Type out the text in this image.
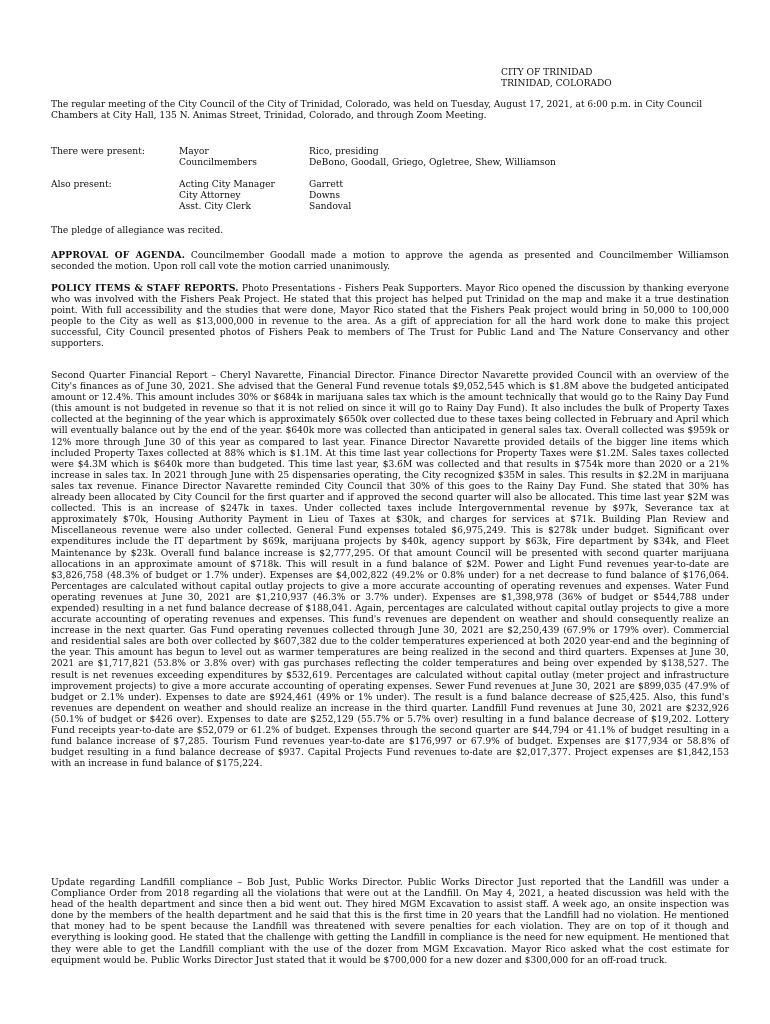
CITY OF TRINIDAD
TRINIDAD, COLORADO

The regular meeting of the City Council of the City of Trinidad, Colorado, was held on Tuesday, August 17, 2021, at 6:00 p.m. in City Council Chambers at City Hall, 135 N. Animas Street, Trinidad, Colorado, and through Zoom Meeting.

There were present:	Mayor	Rico, presiding
Councilmembers	DeBono, Goodall, Griego, Ogletree, Shew, Williamson
Also present:	Acting City Manager	Garrett
City Attorney	Downs
Asst. City Clerk	Sandoval

The pledge of allegiance was recited.

APPROVAL OF AGENDA. Councilmember Goodall made a motion to approve the agenda as presented and Councilmember Williamson seconded the motion. Upon roll call vote the motion carried unanimously.

POLICY ITEMS & STAFF REPORTS. Photo Presentations - Fishers Peak Supporters. Mayor Rico opened the discussion by thanking everyone who was involved with the Fishers Peak Project. He stated that this project has helped put Trinidad on the map and make it a true destination point. With full accessibility and the studies that were done, Mayor Rico stated that the Fishers Peak project would bring in 50,000 to 100,000 people to the City as well as $13,000,000 in revenue to the area. As a gift of appreciation for all the hard work done to make this project successful, City Council presented photos of Fishers Peak to members of The Trust for Public Land and The Nature Conservancy and other supporters.

Second Quarter Financial Report – Cheryl Navarette, Financial Director. Finance Director Navarette provided Council with an overview of the City's finances as of June 30, 2021. She advised that the General Fund revenue totals $9,052,545 which is $1.8M above the budgeted anticipated amount or 12.4%. This amount includes 30% or $684k in marijuana sales tax which is the amount technically that would go to the Rainy Day Fund (this amount is not budgeted in revenue so that it is not relied on since it will go to Rainy Day Fund). It also includes the bulk of Property Taxes collected at the beginning of the year which is approximately $650k over collected due to these taxes being collected in February and April which will eventually balance out by the end of the year. $640k more was collected than anticipated in general sales tax. Overall collected was $959k or 12% more through June 30 of this year as compared to last year. Finance Director Navarette provided details of the bigger line items which included Property Taxes collected at 88% which is $1.1M. At this time last year collections for Property Taxes were $1.2M. Sales taxes collected were $4.3M which is $640k more than budgeted. This time last year, $3.6M was collected and that results in $754k more than 2020 or a 21% increase in sales tax. In 2021 through June with 25 dispensaries operating, the City recognized $35M in sales. This results in $2.2M in marijuana sales tax revenue. Finance Director Navarette reminded City Council that 30% of this goes to the Rainy Day Fund. She stated that 30% has already been allocated by City Council for the first quarter and if approved the second quarter will also be allocated. This time last year $2M was collected. This is an increase of $247k in taxes. Under collected taxes include Intergovernmental revenue by $97k, Severance tax at approximately $70k, Housing Authority Payment in Lieu of Taxes at $30k, and charges for services at $71k. Building Plan Review and Miscellaneous revenue were also under collected. General Fund expenses totaled $6,975,249. This is $278k under budget. Significant over expenditures include the IT department by $69k, marijuana projects by $40k, agency support by $63k, Fire department by $34k, and Fleet Maintenance by $23k. Overall fund balance increase is $2,777,295. Of that amount Council will be presented with second quarter marijuana allocations in an approximate amount of $718k. This will result in a fund balance of $2M. Power and Light Fund revenues year-to-date are $3,826,758 (48.3% of budget or 1.7% under). Expenses are $4,002,822 (49.2% or 0.8% under) for a net decrease to fund balance of $176,064. Percentages are calculated without capital outlay projects to give a more accurate accounting of operating revenues and expenses. Water Fund operating revenues at June 30, 2021 are $1,210,937 (46.3% or 3.7% under). Expenses are $1,398,978 (36% of budget or $544,788 under expended) resulting in a net fund balance decrease of $188,041. Again, percentages are calculated without capital outlay projects to give a more accurate accounting of operating revenues and expenses. This fund's revenues are dependent on weather and should consequently realize an increase in the next quarter. Gas Fund operating revenues collected through June 30, 2021 are $2,250,439 (67.9% or 179% over). Commercial and residential sales are both over collected by $607,382 due to the colder temperatures experienced at both 2020 year-end and the beginning of the year. This amount has begun to level out as warmer temperatures are being realized in the second and third quarters. Expenses at June 30, 2021 are $1,717,821 (53.8% or 3.8% over) with gas purchases reflecting the colder temperatures and being over expended by $138,527. The result is net revenues exceeding expenditures by $532,619. Percentages are calculated without capital outlay (meter project and infrastructure improvement projects) to give a more accurate accounting of operating expenses. Sewer Fund revenues at June 30, 2021 are $899,035 (47.9% of budget or 2.1% under). Expenses to date are $924,461 (49% or 1% under). The result is a fund balance decrease of $25,425. Also, this fund's revenues are dependent on weather and should realize an increase in the third quarter. Landfill Fund revenues at June 30, 2021 are $232,926 (50.1% of budget or $426 over). Expenses to date are $252,129 (55.7% or 5.7% over) resulting in a fund balance decrease of $19,202. Lottery Fund receipts year-to-date are $52,079 or 61.2% of budget. Expenses through the second quarter are $44,794 or 41.1% of budget resulting in a fund balance increase of $7,285. Tourism Fund revenues year-to-date are $176,997 or 67.9% of budget. Expenses are $177,934 or 58.8% of budget resulting in a fund balance decrease of $937. Capital Projects Fund revenues to-date are $2,017,377. Project expenses are $1,842,153 with an increase in fund balance of $175,224.

Update regarding Landfill compliance – Bob Just, Public Works Director. Public Works Director Just reported that the Landfill was under a Compliance Order from 2018 regarding all the violations that were out at the Landfill. On May 4, 2021, a heated discussion was held with the head of the health department and since then a bid went out. They hired MGM Excavation to assist staff. A week ago, an onsite inspection was done by the members of the health department and he said that this is the first time in 20 years that the Landfill had no violation. He mentioned that money had to be spent because the Landfill was threatened with severe penalties for each violation. They are on top of it though and everything is looking good. He stated that the challenge with getting the Landfill in compliance is the need for new equipment. He mentioned that they were able to get the Landfill compliant with the use of the dozer from MGM Excavation. Mayor Rico asked what the cost estimate for equipment would be. Public Works Director Just stated that it would be $700,000 for a new dozer and $300,000 for an off-road truck.
